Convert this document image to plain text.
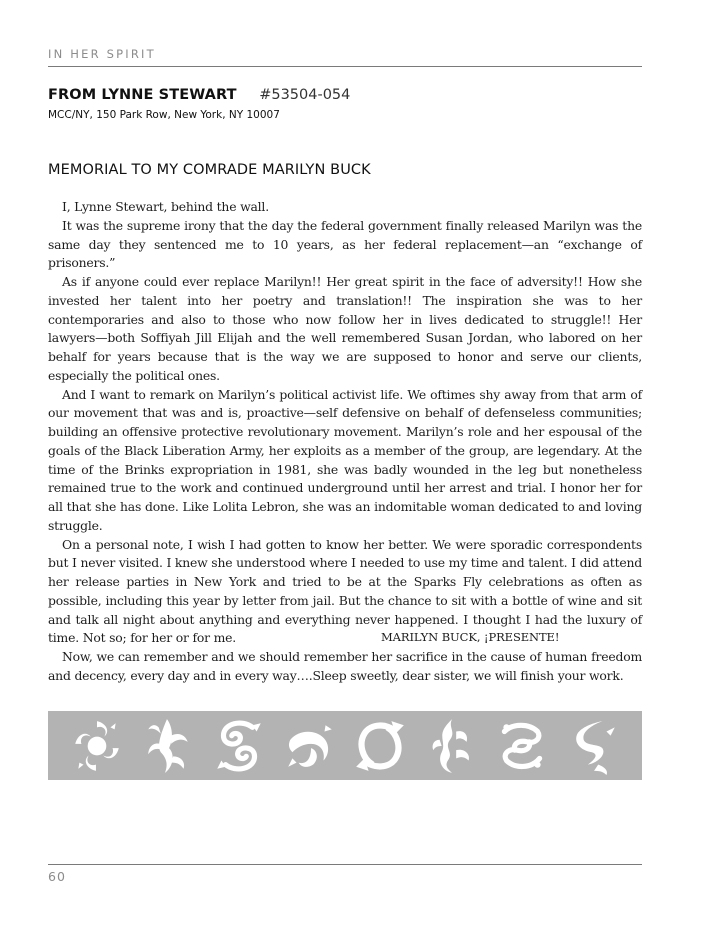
IN HER SPIRIT
FROM LYNNE STEWART #53504-054
MCC/NY, 150 Park Row, New York, NY 10007
MEMORIAL TO MY COMRADE MARILYN BUCK

I, Lynne Stewart, behind the wall.

It was the supreme irony that the day the federal government finally released Marilyn was the same day they sentenced me to 10 years, as her federal replacement—an “exchange of prisoners.”

As if anyone could ever replace Marilyn!! Her great spirit in the face of adversity!! How she invested her talent into her poetry and translation!! The inspiration she was to her contemporaries and also to those who now follow her in lives dedicated to struggle!! Her lawyers—both Soffiyah Jill Elijah and the well remembered Susan Jordan, who labored on her behalf for years because that is the way we are supposed to honor and serve our clients, especially the political ones.

And I want to remark on Marilyn’s political activist life. We oftimes shy away from that arm of our movement that was and is, proactive—self defensive on behalf of defenseless communities; building an offensive protective revolutionary movement. Marilyn’s role and her espousal of the goals of the Black Liberation Army, her exploits as a member of the group, are legendary. At the time of the Brinks expropriation in 1981, she was badly wounded in the leg but nonetheless remained true to the work and continued underground until her arrest and trial. I honor her for all that she has done. Like Lolita Lebron, she was an indomitable woman dedicated to and loving struggle.

On a personal note, I wish I had gotten to know her better. We were sporadic correspondents but I never visited. I knew she understood where I needed to use my time and talent. I did attend her release parties in New York and tried to be at the Sparks Fly celebrations as often as possible, including this year by letter from jail. But the chance to sit with a bottle of wine and sit and talk all night about anything and everything never happened. I thought I had the luxury of time. Not so; for her or for me.

Now, we can remember and we should remember her sacrifice in the cause of human freedom and decency, every day and in every way….Sleep sweetly, dear sister, we will finish your work.

MARILYN BUCK, ¡PRESENTE!
60
